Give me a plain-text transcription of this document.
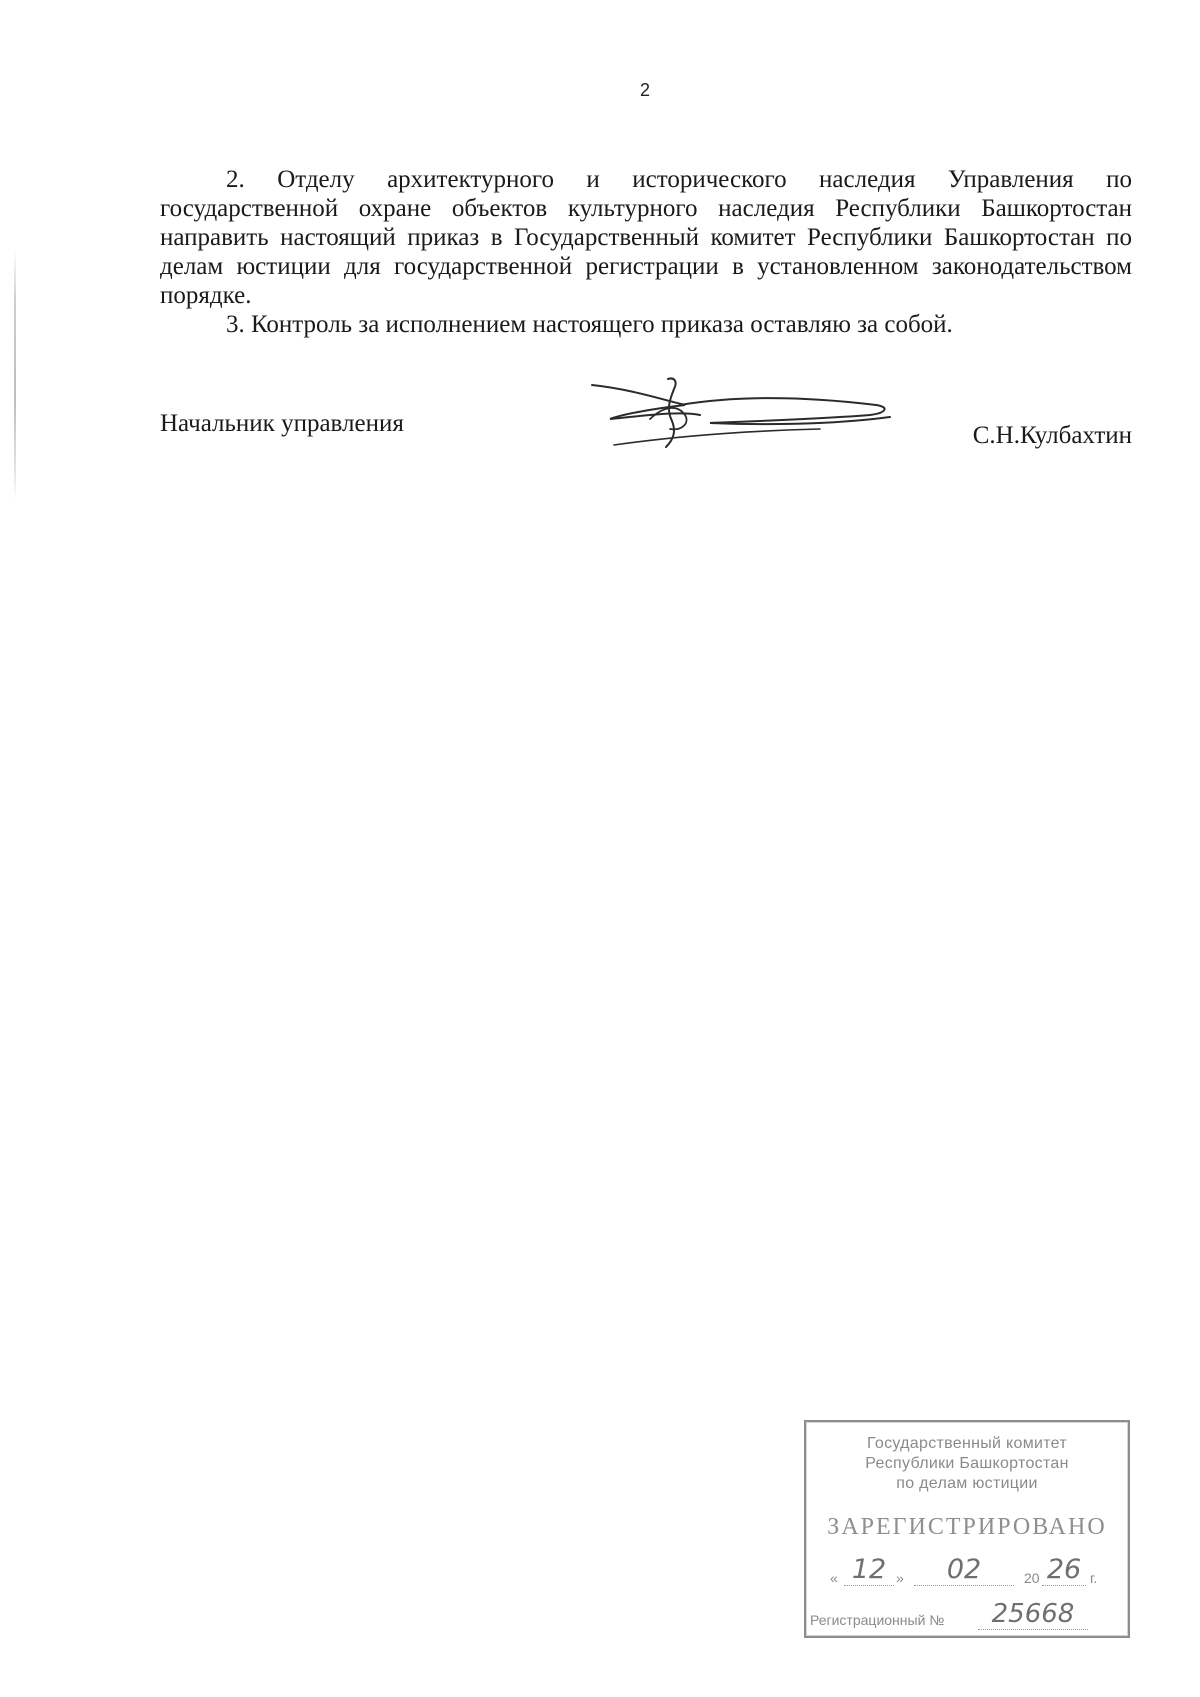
2

2. Отделу архитектурного и исторического наследия Управления по государственной охране объектов культурного наследия Республики Башкортостан направить настоящий приказ в Государственный комитет Республики Башкортостан по делам юстиции для государственной регистрации в установленном законодательством порядке.

3. Контроль за исполнением настоящего приказа оставляю за собой.

Начальник управления	С.Н.Кулбахтин
Государственный комитет
Республики Башкортостан
по делам юстиции
ЗАРЕГИСТРИРОВАНО
« 12 »	02	20 26 г.
Регистрационный №	25668
